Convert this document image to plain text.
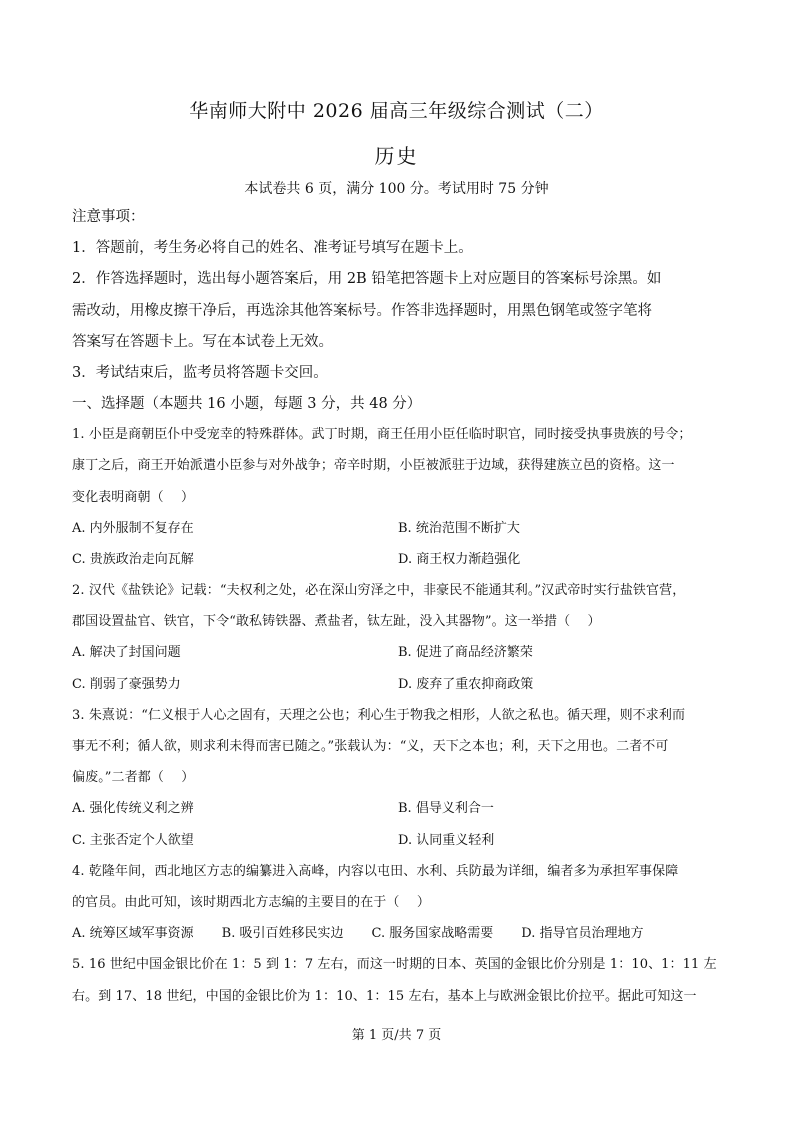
华南师大附中 2026 届高三年级综合测试（二）
历史
本试卷共 6 页，满分 100 分。考试用时 75 分钟
注意事项：
1．答题前，考生务必将自己的姓名、准考证号填写在题卡上。
2．作答选择题时，选出每小题答案后，用 2B 铅笔把答题卡上对应题目的答案标号涂黑。如
需改动，用橡皮擦干净后，再选涂其他答案标号。作答非选择题时，用黑色钢笔或签字笔将
答案写在答题卡上。写在本试卷上无效。
3．考试结束后，监考员将答题卡交回。
一、选择题（本题共 16 小题，每题 3 分，共 48 分）
1. 小臣是商朝臣仆中受宠幸的特殊群体。武丁时期，商王任用小臣任临时职官，同时接受执事贵族的号令；
康丁之后，商王开始派遣小臣参与对外战争；帝辛时期，小臣被派驻于边域，获得建族立邑的资格。这一
变化表明商朝（　 ）
A. 内外服制不复存在	B. 统治范围不断扩大
C. 贵族政治走向瓦解	D. 商王权力渐趋强化
2. 汉代《盐铁论》记载：“夫权利之处，必在深山穷泽之中，非豪民不能通其利。”汉武帝时实行盐铁官营，
郡国设置盐官、铁官，下令“敢私铸铁器、煮盐者，钛左趾，没入其器物”。这一举措（　 ）
A. 解决了封国问题	B. 促进了商品经济繁荣
C. 削弱了豪强势力	D. 废弃了重农抑商政策
3. 朱熹说：“仁义根于人心之固有，天理之公也；利心生于物我之相形，人欲之私也。循天理，则不求利而
事无不利；循人欲，则求利未得而害已随之。”张载认为：“义，天下之本也；利，天下之用也。二者不可
偏废。”二者都（　 ）
A. 强化传统义利之辨	B. 倡导义利合一
C. 主张否定个人欲望	D. 认同重义轻利
4. 乾隆年间，西北地区方志的编纂进入高峰，内容以屯田、水利、兵防最为详细，编者多为承担军事保障
的官员。由此可知，该时期西北方志编的主要目的在于（　 ）
A. 统筹区域军事资源 B. 吸引百姓移民实边 C. 服务国家战略需要 D. 指导官员治理地方
5. 16 世纪中国金银比价在 1：5 到 1：7 左右，而这一时期的日本、英国的金银比价分别是 1：10、1：11 左
右。到 17、18 世纪，中国的金银比价为 1：10、1：15 左右，基本上与欧洲金银比价拉平。据此可知这一
第 1 页/共 7 页
